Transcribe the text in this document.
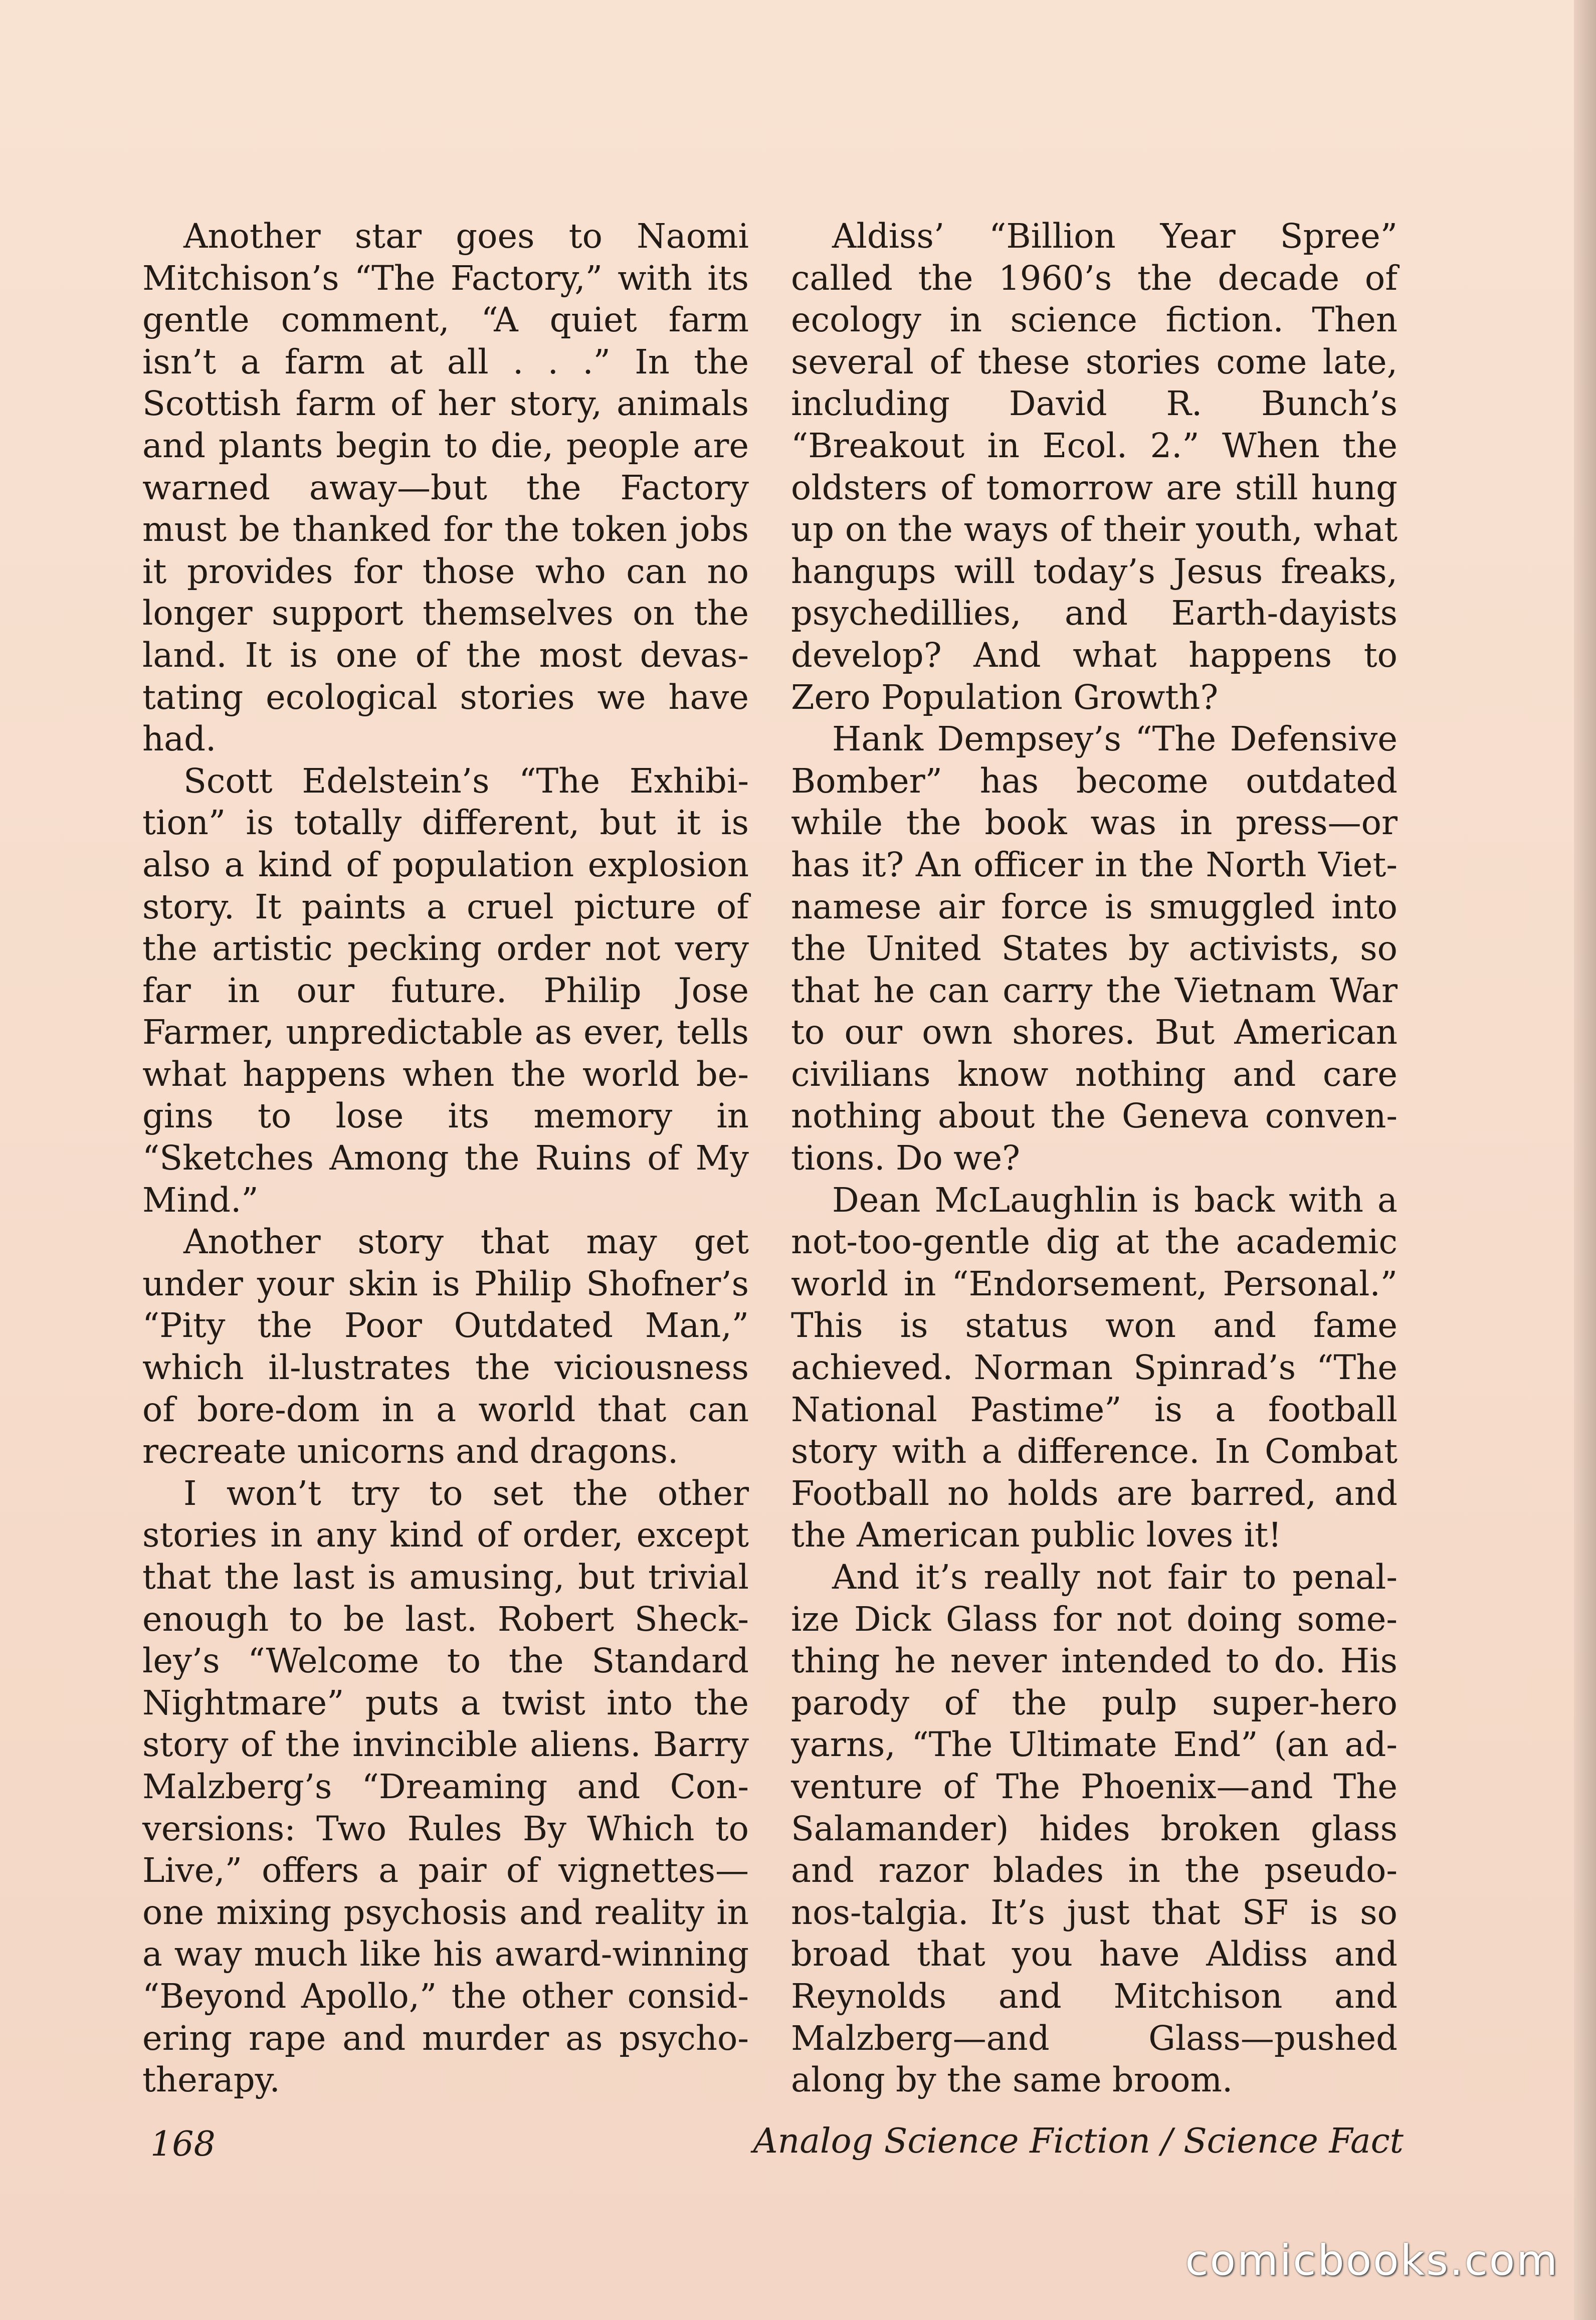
Another star goes to Naomi Mitchison’s “The Factory,” with its gentle comment, “A quiet farm isn’t a farm at all . . .” In the Scottish farm of her story, animals and plants begin to die, people are warned away—but the Factory must be thanked for the token jobs it provides for those who can no longer support themselves on the land. It is one of the most devas-tating ecological stories we have had.

Scott Edelstein’s “The Exhibi-tion” is totally different, but it is also a kind of population explosion story. It paints a cruel picture of the artistic pecking order not very far in our future. Philip Jose Farmer, unpredictable as ever, tells what happens when the world be-gins to lose its memory in “Sketches Among the Ruins of My Mind.”

Another story that may get under your skin is Philip Shofner’s “Pity the Poor Outdated Man,” which il-lustrates the viciousness of bore-dom in a world that can recreate unicorns and dragons.

I won’t try to set the other stories in any kind of order, except that the last is amusing, but trivial enough to be last. Robert Sheck-ley’s “Welcome to the Standard Nightmare” puts a twist into the story of the invincible aliens. Barry Malzberg’s “Dreaming and Con-versions: Two Rules By Which to Live,” offers a pair of vignettes—one mixing psychosis and reality in a way much like his award-winning “Beyond Apollo,” the other consid-ering rape and murder as psycho-therapy.

Aldiss’ “Billion Year Spree” called the 1960’s the decade of ecology in science fiction. Then several of these stories come late, including David R. Bunch’s “Breakout in Ecol. 2.” When the oldsters of tomorrow are still hung up on the ways of their youth, what hangups will today’s Jesus freaks, psychedillies, and Earth-dayists develop? And what happens to Zero Population Growth?

Hank Dempsey’s “The Defensive Bomber” has become outdated while the book was in press—or has it? An officer in the North Viet-namese air force is smuggled into the United States by activists, so that he can carry the Vietnam War to our own shores. But American civilians know nothing and care nothing about the Geneva conven-tions. Do we?

Dean McLaughlin is back with a not-too-gentle dig at the academic world in “Endorsement, Personal.” This is status won and fame achieved. Norman Spinrad’s “The National Pastime” is a football story with a difference. In Combat Football no holds are barred, and the American public loves it!

And it’s really not fair to penal-ize Dick Glass for not doing some-thing he never intended to do. His parody of the pulp super-hero yarns, “The Ultimate End” (an ad-venture of The Phoenix—and The Salamander) hides broken glass and razor blades in the pseudo-nos-talgia. It’s just that SF is so broad that you have Aldiss and Reynolds and Mitchison and Malzberg—and Glass—pushed along by the same broom.

168	Analog Science Fiction / Science Fact
comicbooks.com
